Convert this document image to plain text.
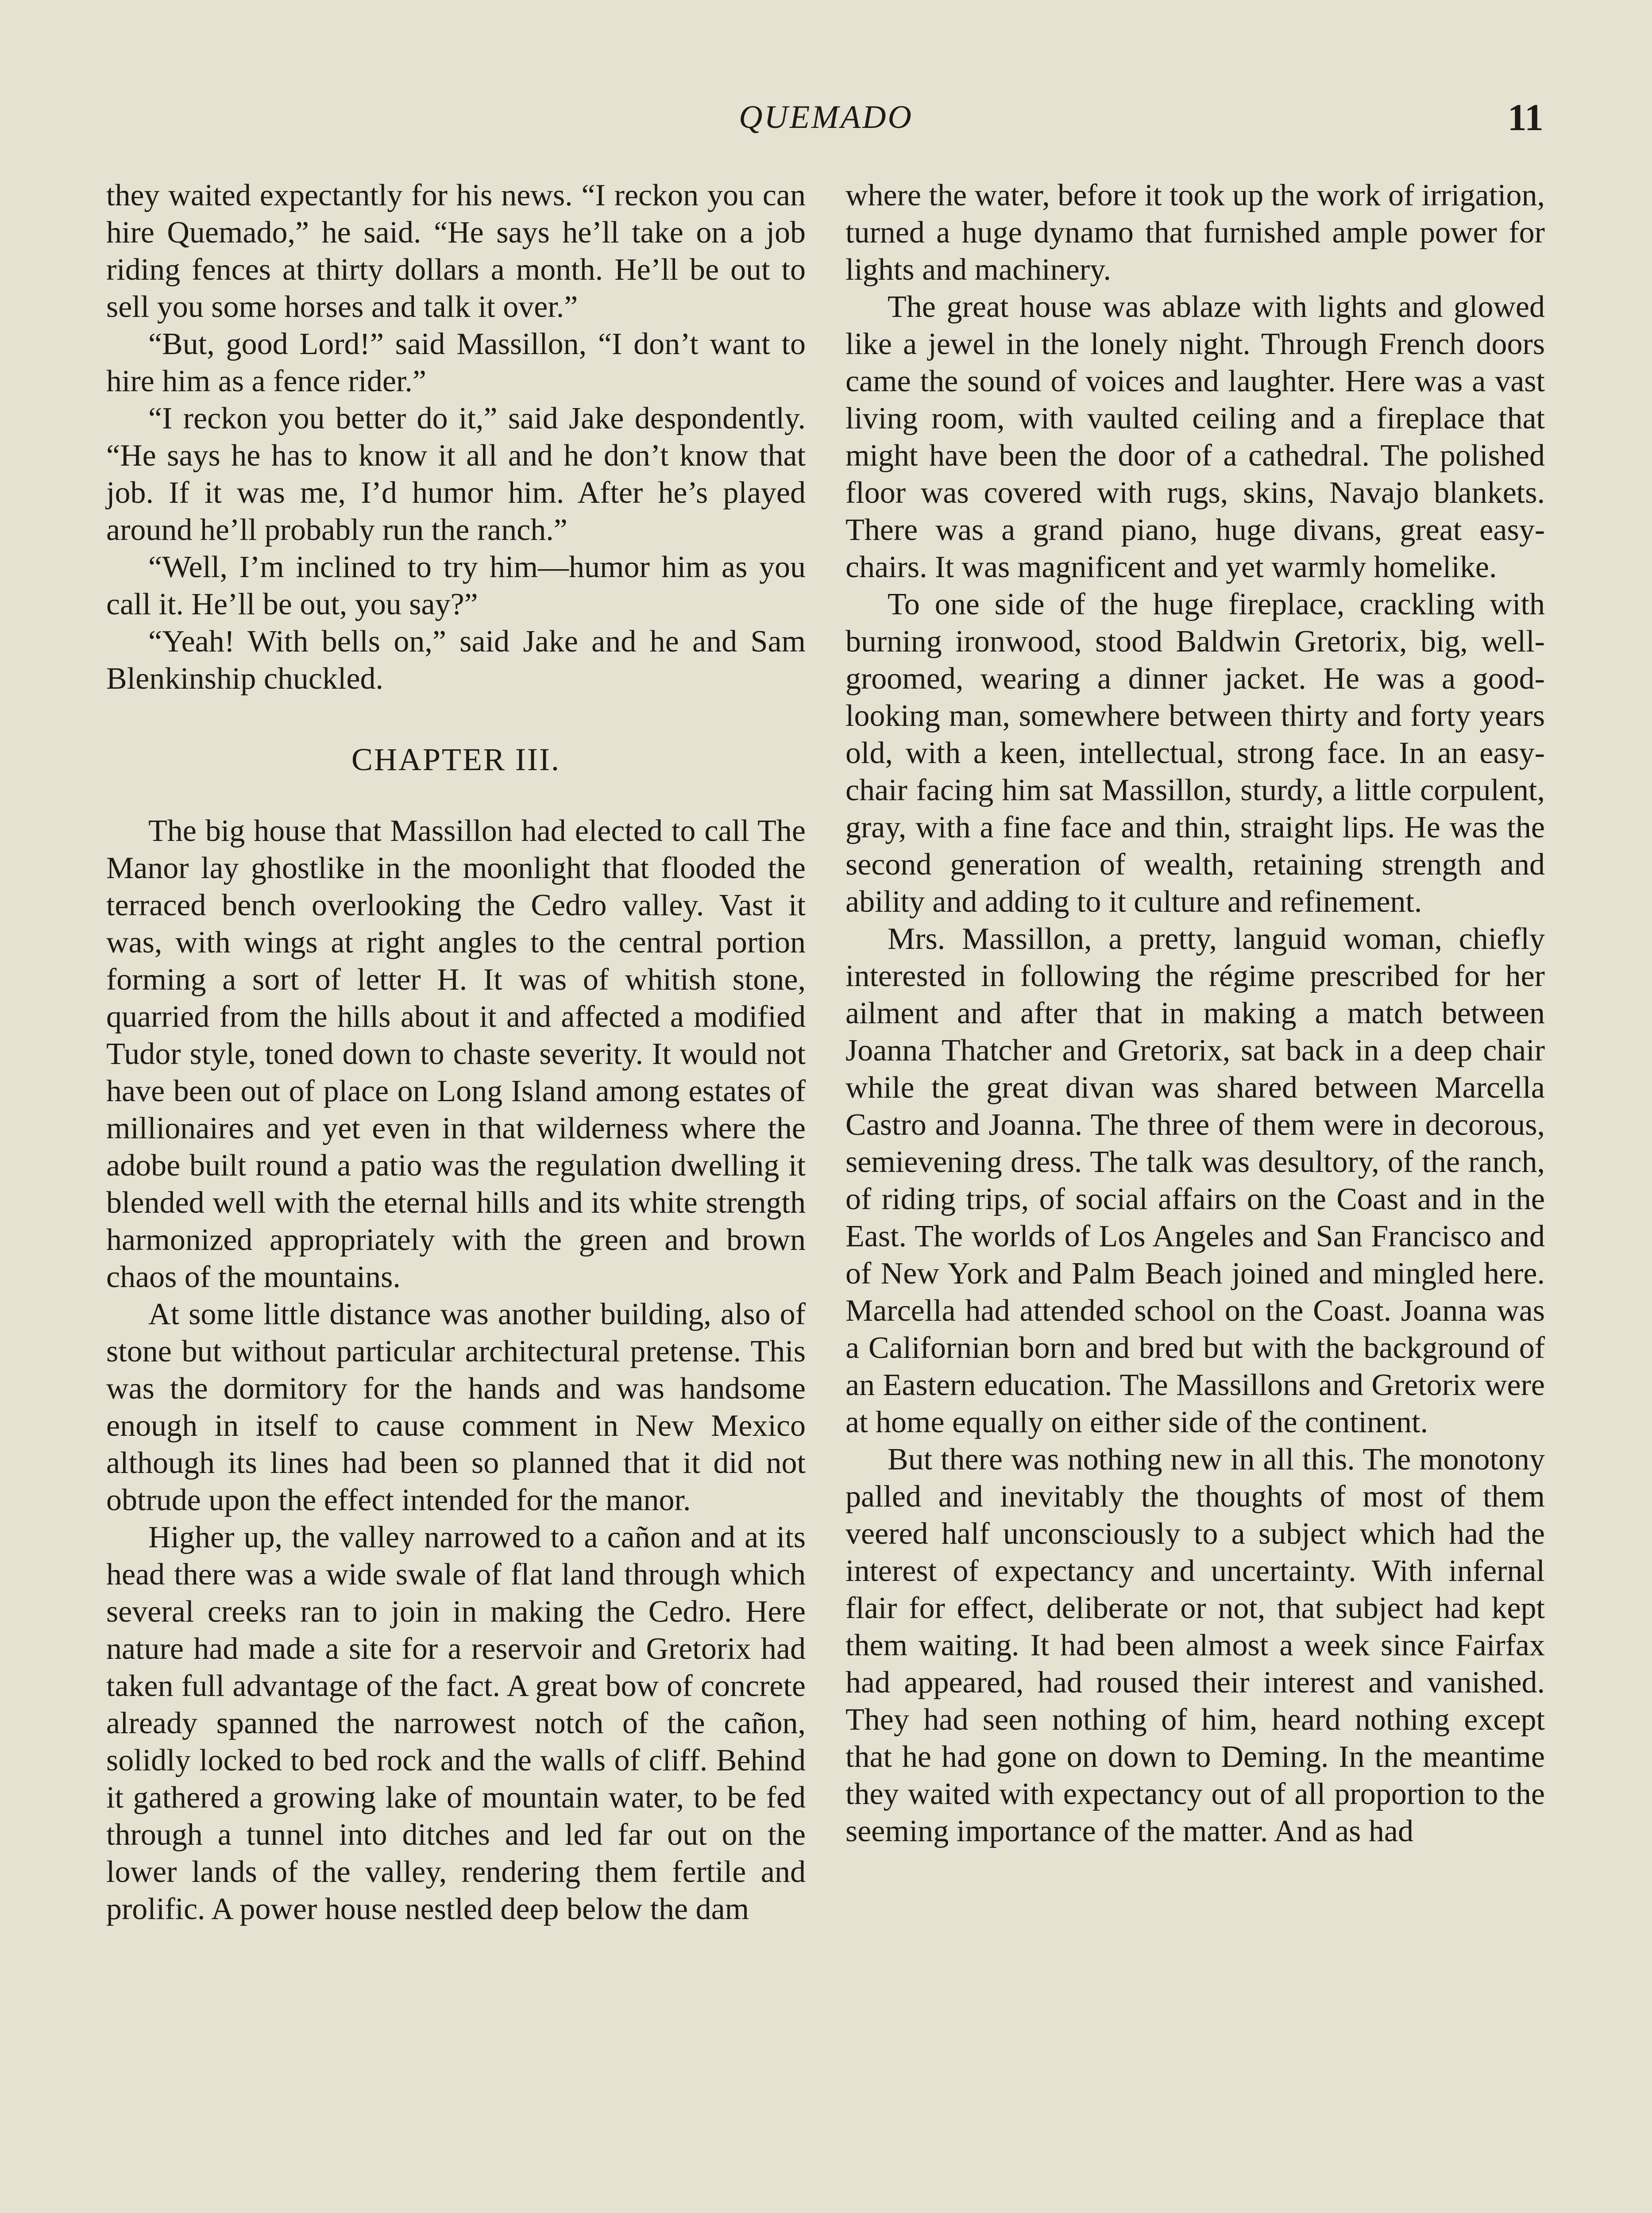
QUEMADO	11

they waited expectantly for his news. “I reckon you can hire Quemado,” he said. “He says he’ll take on a job riding fences at thirty dollars a month. He’ll be out to sell you some horses and talk it over.”

“But, good Lord!” said Massillon, “I don’t want to hire him as a fence rider.”

“I reckon you better do it,” said Jake despondently. “He says he has to know it all and he don’t know that job. If it was me, I’d humor him. After he’s played around he’ll probably run the ranch.”

“Well, I’m inclined to try him—humor him as you call it. He’ll be out, you say?”

“Yeah! With bells on,” said Jake and he and Sam Blenkinship chuckled.

CHAPTER III.

The big house that Massillon had elected to call The Manor lay ghostlike in the moonlight that flooded the terraced bench overlooking the Cedro valley. Vast it was, with wings at right angles to the central portion forming a sort of letter H. It was of whitish stone, quarried from the hills about it and affected a modified Tudor style, toned down to chaste severity. It would not have been out of place on Long Island among estates of millionaires and yet even in that wilderness where the adobe built round a patio was the regulation dwelling it blended well with the eternal hills and its white strength harmonized appropriately with the green and brown chaos of the mountains.

At some little distance was another building, also of stone but without particular architectural pretense. This was the dormitory for the hands and was handsome enough in itself to cause comment in New Mexico although its lines had been so planned that it did not obtrude upon the effect intended for the manor.

Higher up, the valley narrowed to a cañon and at its head there was a wide swale of flat land through which several creeks ran to join in making the Cedro. Here nature had made a site for a reservoir and Gretorix had taken full advantage of the fact. A great bow of concrete already spanned the narrowest notch of the cañon, solidly locked to bed rock and the walls of cliff. Behind it gathered a growing lake of mountain water, to be fed through a tunnel into ditches and led far out on the lower lands of the valley, rendering them fertile and prolific. A power house nestled deep below the dam

where the water, before it took up the work of irrigation, turned a huge dynamo that furnished ample power for lights and machinery.

The great house was ablaze with lights and glowed like a jewel in the lonely night. Through French doors came the sound of voices and laughter. Here was a vast living room, with vaulted ceiling and a fireplace that might have been the door of a cathedral. The polished floor was covered with rugs, skins, Navajo blankets. There was a grand piano, huge divans, great easy-chairs. It was magnificent and yet warmly homelike.

To one side of the huge fireplace, crackling with burning ironwood, stood Baldwin Gretorix, big, well-groomed, wearing a dinner jacket. He was a good-looking man, somewhere between thirty and forty years old, with a keen, intellectual, strong face. In an easy-chair facing him sat Massillon, sturdy, a little corpulent, gray, with a fine face and thin, straight lips. He was the second generation of wealth, retaining strength and ability and adding to it culture and refinement.

Mrs. Massillon, a pretty, languid woman, chiefly interested in following the régime prescribed for her ailment and after that in making a match between Joanna Thatcher and Gretorix, sat back in a deep chair while the great divan was shared between Marcella Castro and Joanna. The three of them were in decorous, semievening dress. The talk was desultory, of the ranch, of riding trips, of social affairs on the Coast and in the East. The worlds of Los Angeles and San Francisco and of New York and Palm Beach joined and mingled here. Marcella had attended school on the Coast. Joanna was a Californian born and bred but with the background of an Eastern education. The Massillons and Gretorix were at home equally on either side of the continent.

But there was nothing new in all this. The monotony palled and inevitably the thoughts of most of them veered half unconsciously to a subject which had the interest of expectancy and uncertainty. With infernal flair for effect, deliberate or not, that subject had kept them waiting. It had been almost a week since Fairfax had appeared, had roused their interest and vanished. They had seen nothing of him, heard nothing except that he had gone on down to Deming. In the meantime they waited with expectancy out of all proportion to the seeming importance of the matter. And as had
